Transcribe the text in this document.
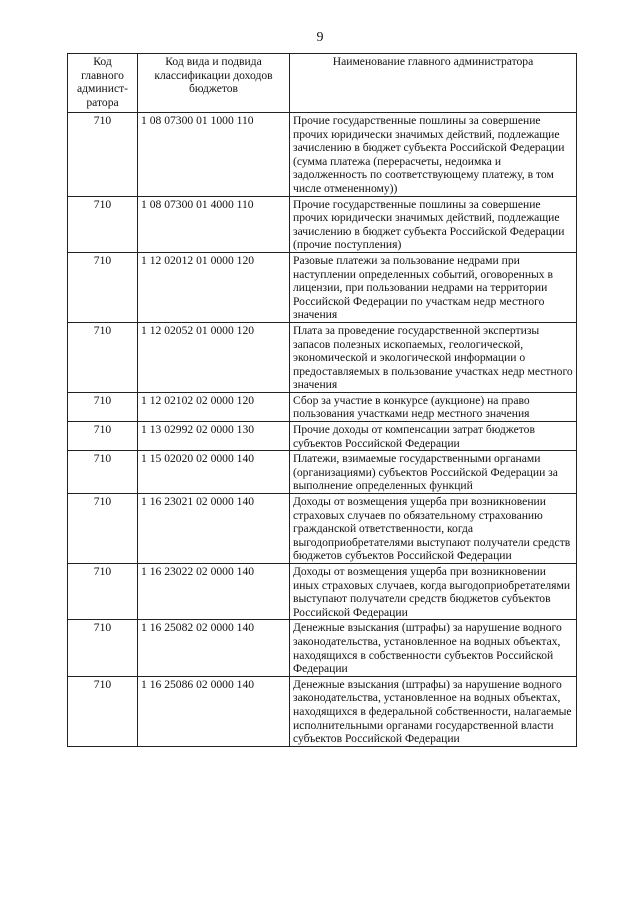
9
Код главного админист-ратора	Код вида и подвида классификации доходов бюджетов	Наименование главного администратора
710	1 08 07300 01 1000 110	Прочие государственные пошлины за совершение прочих юридически значимых действий, подлежащие зачислению в бюджет субъекта Российской Федерации (сумма платежа (перерасчеты, недоимка и задолженность по соответствующему платежу, в том числе отмененному))
710	1 08 07300 01 4000 110	Прочие государственные пошлины за совершение прочих юридически значимых действий, подлежащие зачислению в бюджет субъекта Российской Федерации (прочие поступления)
710	1 12 02012 01 0000 120	Разовые платежи за пользование недрами при наступлении определенных событий, оговоренных в лицензии, при пользовании недрами на территории Российской Федерации по участкам недр местного значения
710	1 12 02052 01 0000 120	Плата за проведение государственной экспертизы запасов полезных ископаемых, геологической, экономической и экологической информации о предоставляемых в пользование участках недр местного значения
710	1 12 02102 02 0000 120	Сбор за участие в конкурсе (аукционе) на право пользования участками недр местного значения
710	1 13 02992 02 0000 130	Прочие доходы от компенсации затрат бюджетов субъектов Российской Федерации
710	1 15 02020 02 0000 140	Платежи, взимаемые государственными органами (организациями) субъектов Российской Федерации за выполнение определенных функций
710	1 16 23021 02 0000 140	Доходы от возмещения ущерба при возникновении страховых случаев по обязательному страхованию гражданской ответственности, когда выгодоприобретателями выступают получатели средств бюджетов субъектов Российской Федерации
710	1 16 23022 02 0000 140	Доходы от возмещения ущерба при возникновении иных страховых случаев, когда выгодоприобретателями выступают получатели средств бюджетов субъектов Российской Федерации
710	1 16 25082 02 0000 140	Денежные взыскания (штрафы) за нарушение водного законодательства, установленное на водных объектах, находящихся в собственности субъектов Российской Федерации
710	1 16 25086 02 0000 140	Денежные взыскания (штрафы) за нарушение водного законодательства, установленное на водных объектах, находящихся в федеральной собственности, налагаемые исполнительными органами государственной власти субъектов Российской Федерации
